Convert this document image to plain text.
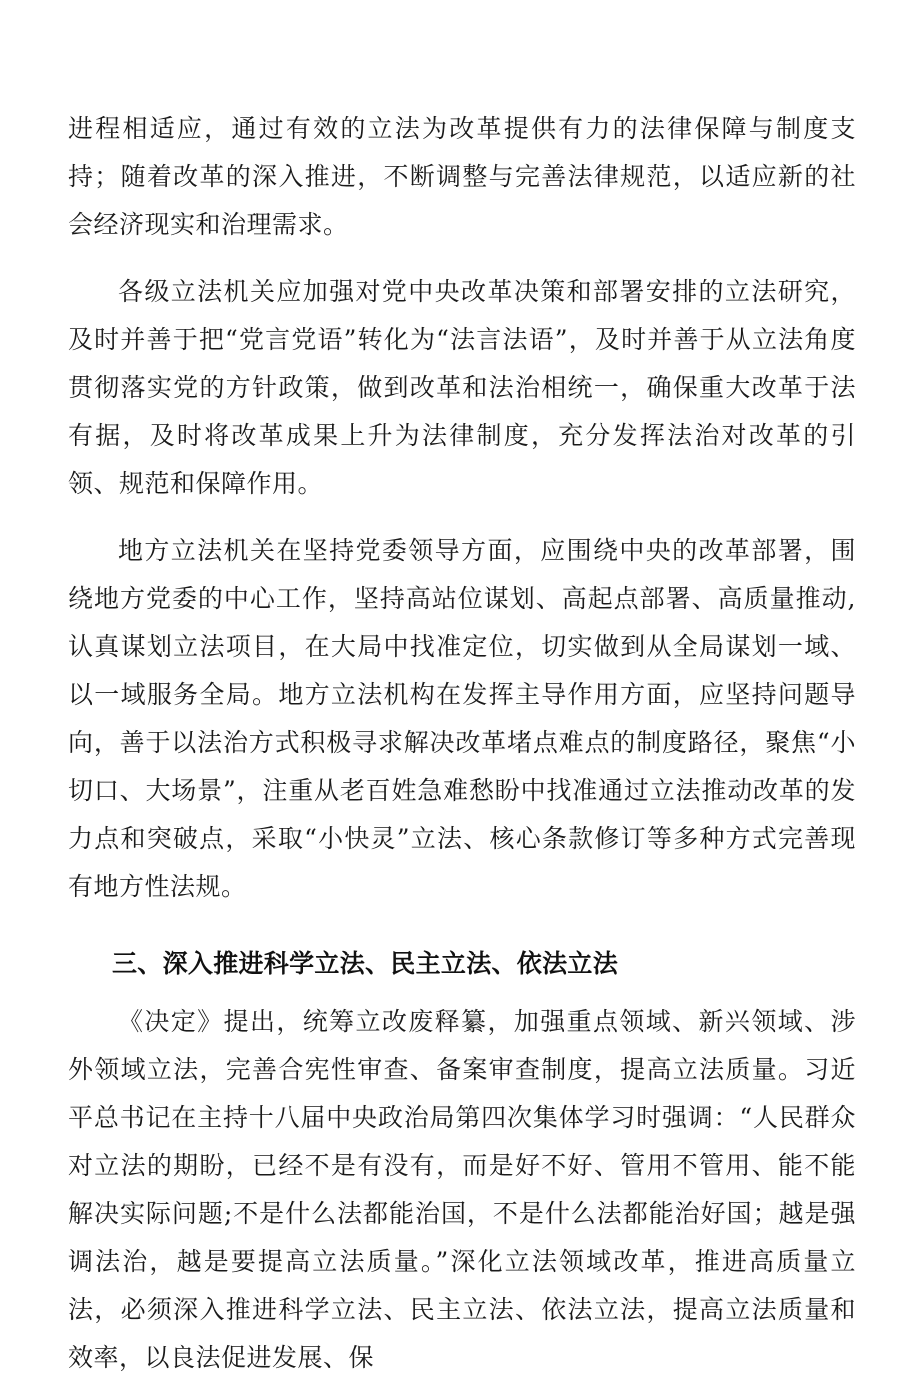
进程相适应，通过有效的立法为改革提供有力的法律保障与制度支持；随着改革的深入推进，不断调整与完善法律规范，以适应新的社会经济现实和治理需求。

各级立法机关应加强对党中央改革决策和部署安排的立法研究，及时并善于把“党言党语”转化为“法言法语”，及时并善于从立法角度贯彻落实党的方针政策，做到改革和法治相统一，确保重大改革于法有据，及时将改革成果上升为法律制度，充分发挥法治对改革的引领、规范和保障作用。

地方立法机关在坚持党委领导方面，应围绕中央的改革部署，围绕地方党委的中心工作，坚持高站位谋划、高起点部署、高质量推动,认真谋划立法项目，在大局中找准定位，切实做到从全局谋划一域、以一域服务全局。地方立法机构在发挥主导作用方面，应坚持问题导向，善于以法治方式积极寻求解决改革堵点难点的制度路径，聚焦“小切口、大场景”，注重从老百姓急难愁盼中找准通过立法推动改革的发力点和突破点，采取“小快灵”立法、核心条款修订等多种方式完善现有地方性法规。

三、深入推进科学立法、民主立法、依法立法

《决定》提出，统筹立改废释纂，加强重点领域、新兴领域、涉外领域立法，完善合宪性审查、备案审查制度，提高立法质量。习近平总书记在主持十八届中央政治局第四次集体学习时强调：“人民群众对立法的期盼，已经不是有没有，而是好不好、管用不管用、能不能解决实际问题;不是什么法都能治国，不是什么法都能治好国；越是强调法治，越是要提高立法质量。”深化立法领域改革，推进高质量立法，必须深入推进科学立法、民主立法、依法立法，提高立法质量和效率，以良法促进发展、保
